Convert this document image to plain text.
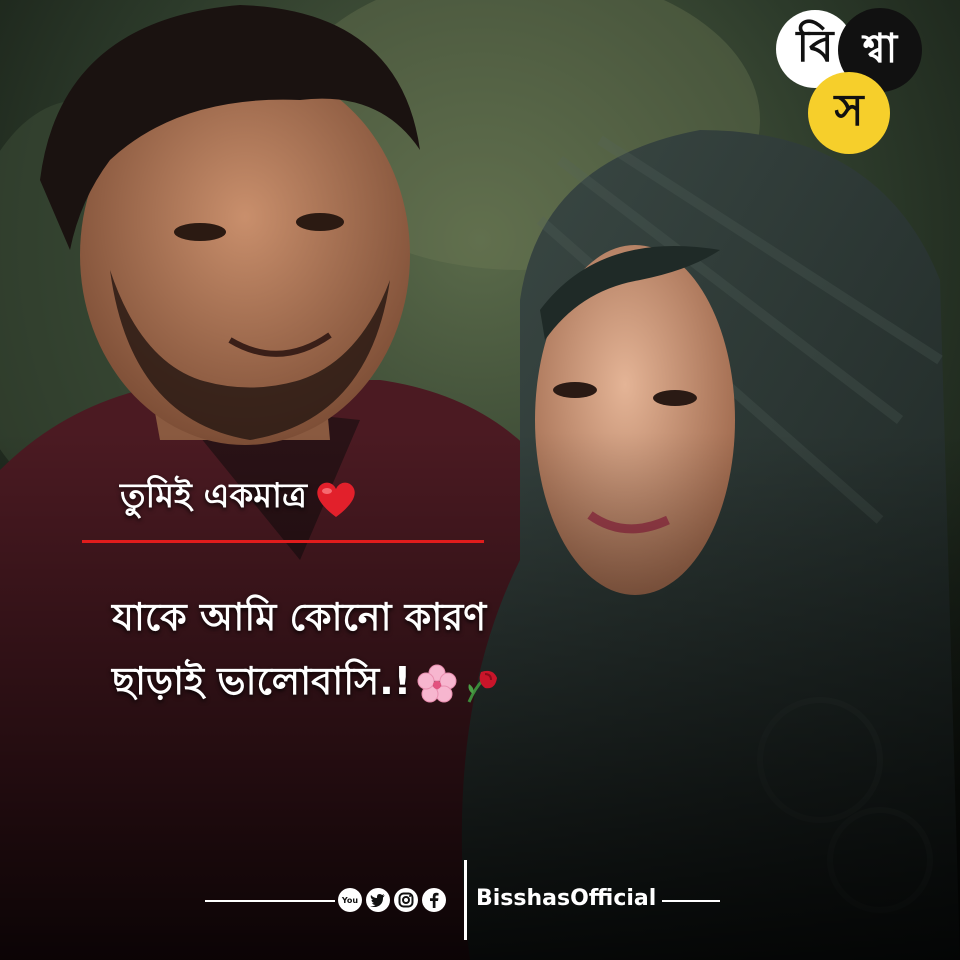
বি শ্বা
স
তুমিই একমাত্র
যাকে আমি কোনো কারণ
ছাড়াই ভালোবাসি.!
You	BisshasOfficial
